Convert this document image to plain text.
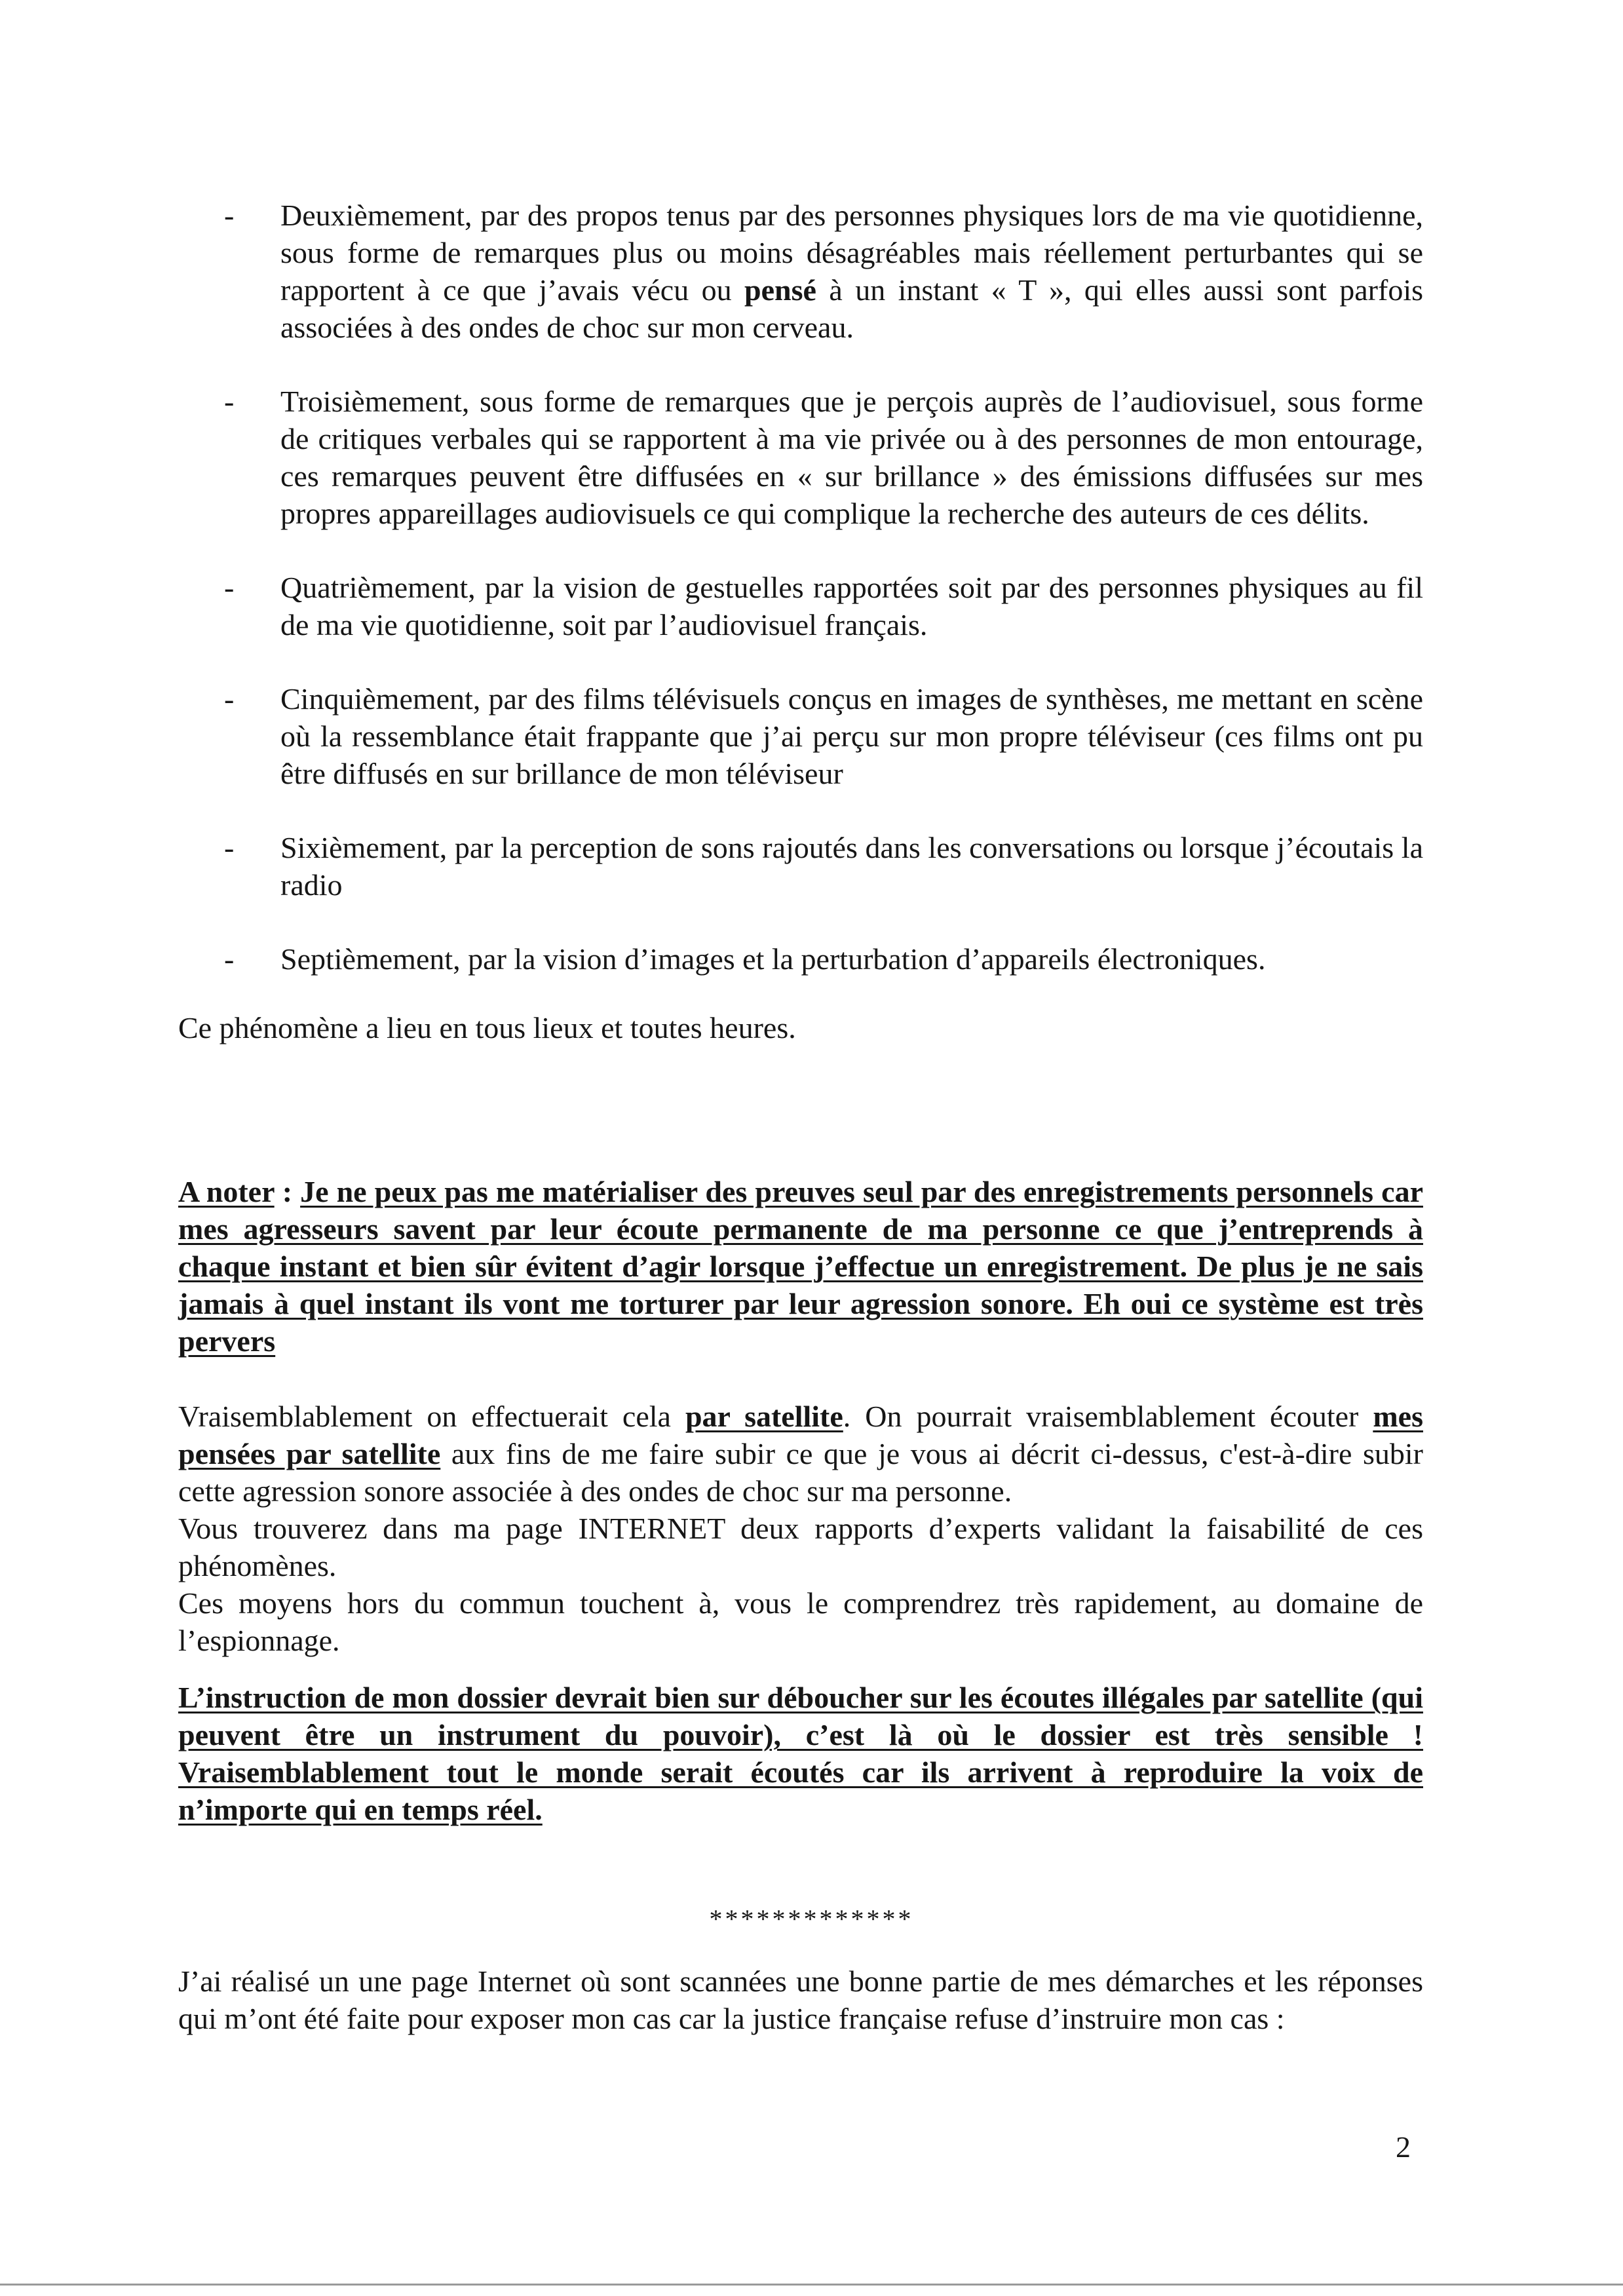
- Deuxièmement, par des propos tenus par des personnes physiques lors de ma vie quotidienne, sous forme de remarques plus ou moins désagréables mais réellement perturbantes qui se rapportent à ce que j’avais vécu ou pensé à un instant « T », qui elles aussi sont parfois associées à des ondes de choc sur mon cerveau.

- Troisièmement, sous forme de remarques que je perçois auprès de l’audiovisuel, sous forme de critiques verbales qui se rapportent à ma vie privée ou à des personnes de mon entourage, ces remarques peuvent être diffusées en « sur brillance » des émissions diffusées sur mes propres appareillages audiovisuels ce qui complique la recherche des auteurs de ces délits.

- Quatrièmement, par la vision de gestuelles rapportées soit par des personnes physiques au fil de ma vie quotidienne, soit par l’audiovisuel français.

- Cinquièmement, par des films télévisuels conçus en images de synthèses, me mettant en scène où la ressemblance était frappante que j’ai perçu sur mon propre téléviseur (ces films ont pu être diffusés en sur brillance de mon téléviseur

- Sixièmement, par la perception de sons rajoutés dans les conversations ou lorsque j’écoutais la radio

- Septièmement, par la vision d’images et la perturbation d’appareils électroniques.

Ce phénomène a lieu en tous lieux et toutes heures.

A noter : Je ne peux pas me matérialiser des preuves seul par des enregistrements personnels car mes agresseurs savent par leur écoute permanente de ma personne ce que j’entreprends à chaque instant et bien sûr évitent d’agir lorsque j’effectue un enregistrement. De plus je ne sais jamais à quel instant ils vont me torturer par leur agression sonore. Eh oui ce système est très pervers

Vraisemblablement on effectuerait cela par satellite. On pourrait vraisemblablement écouter mes pensées par satellite aux fins de me faire subir ce que je vous ai décrit ci-dessus, c'est-à-dire subir cette agression sonore associée à des ondes de choc sur ma personne.

Vous trouverez dans ma page INTERNET deux rapports d’experts validant la faisabilité de ces phénomènes.

Ces moyens hors du commun touchent à, vous le comprendrez très rapidement, au domaine de l’espionnage.

L’instruction de mon dossier devrait bien sur déboucher sur les écoutes illégales par satellite (qui peuvent être un instrument du pouvoir), c’est là où le dossier est très sensible ! Vraisemblablement tout le monde serait écoutés car ils arrivent à reproduire la voix de n’importe qui en temps réel.

*************

J’ai réalisé un une page Internet où sont scannées une bonne partie de mes démarches et les réponses qui m’ont été faite pour exposer mon cas car la justice française refuse d’instruire mon cas :

2
